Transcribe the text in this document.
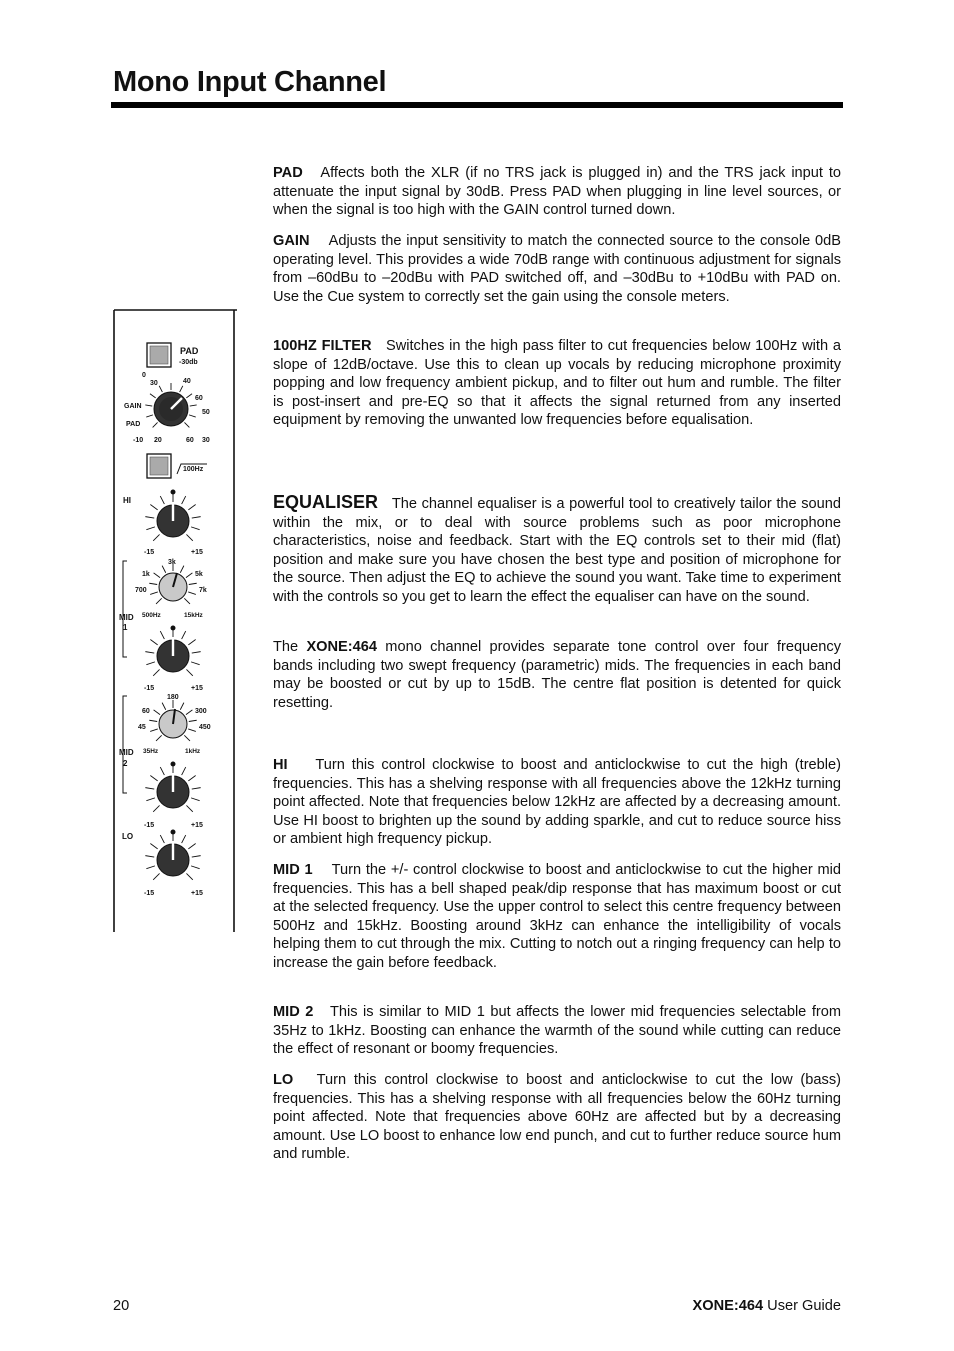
Mono Input Channel

PAD Affects both the XLR (if no TRS jack is plugged in) and the TRS jack input to attenuate the input signal by 30dB. Press PAD when plugging in line level sources, or when the signal is too high with the GAIN control turned down.

GAIN Adjusts the input sensitivity to match the connected source to the console 0dB operating level. This provides a wide 70dB range with continuous adjustment for signals from –60dBu to –20dBu with PAD switched off, and –30dBu to +10dBu with PAD on. Use the Cue system to correctly set the gain using the console meters.

100HZ FILTER Switches in the high pass filter to cut frequencies below 100Hz with a slope of 12dB/octave. Use this to clean up vocals by reducing microphone proximity popping and low frequency ambient pickup, and to filter out hum and rumble. The filter is post-insert and pre-EQ so that it affects the signal returned from any inserted equipment by removing the unwanted low frequencies before equalisation.

EQUALISER The channel equaliser is a powerful tool to creatively tailor the sound within the mix, or to deal with source problems such as poor microphone characteristics, noise and feedback. Start with the EQ controls set to their mid (flat) position and make sure you have chosen the best type and position of microphone for the source. Then adjust the EQ to achieve the sound you want. Take time to experiment with the controls so you get to learn the effect the equaliser can have on the sound.

The XONE:464 mono channel provides separate tone control over four frequency bands including two swept frequency (parametric) mids. The frequencies in each band may be boosted or cut by up to 15dB. The centre flat position is detented for quick resetting.

HI Turn this control clockwise to boost and anticlockwise to cut the high (treble) frequencies. This has a shelving response with all frequencies above the 12kHz turning point affected. Note that frequencies below 12kHz are affected by a decreasing amount. Use HI boost to brighten up the sound by adding sparkle, and cut to reduce source hiss or ambient high frequency pickup.

MID 1 Turn the +/- control clockwise to boost and anticlockwise to cut the higher mid frequencies. This has a bell shaped peak/dip response that has maximum boost or cut at the selected frequency. Use the upper control to select this centre frequency between 500Hz and 15kHz. Boosting around 3kHz can enhance the intelligibility of vocals helping them to cut through the mix. Cutting to notch out a ringing frequency can help to increase the gain before feedback.

MID 2 This is similar to MID 1 but affects the lower mid frequencies selectable from 35Hz to 1kHz. Boosting can enhance the warmth of the sound while cutting can reduce the effect of resonant or boomy frequencies.

LO Turn this control clockwise to boost and anticlockwise to cut the low (bass) frequencies. This has a shelving response with all frequencies below the 60Hz turning point affected. Note that frequencies above 60Hz are affected but by a decreasing amount. Use LO boost to enhance low end punch, and cut to further reduce source hum and rumble.

PAD
-30db
0
30	40
50
60
GAIN
PAD
-10 20	60 30
100Hz
HI
-15	+15
3k
1k	5k
700	7k
500Hz	15kHz
MID
1
-15	+15
180
60	300
45	450
35Hz	1kHz
MID
2
-15	+15
LO
-15	+15
20	XONE:464 User Guide
